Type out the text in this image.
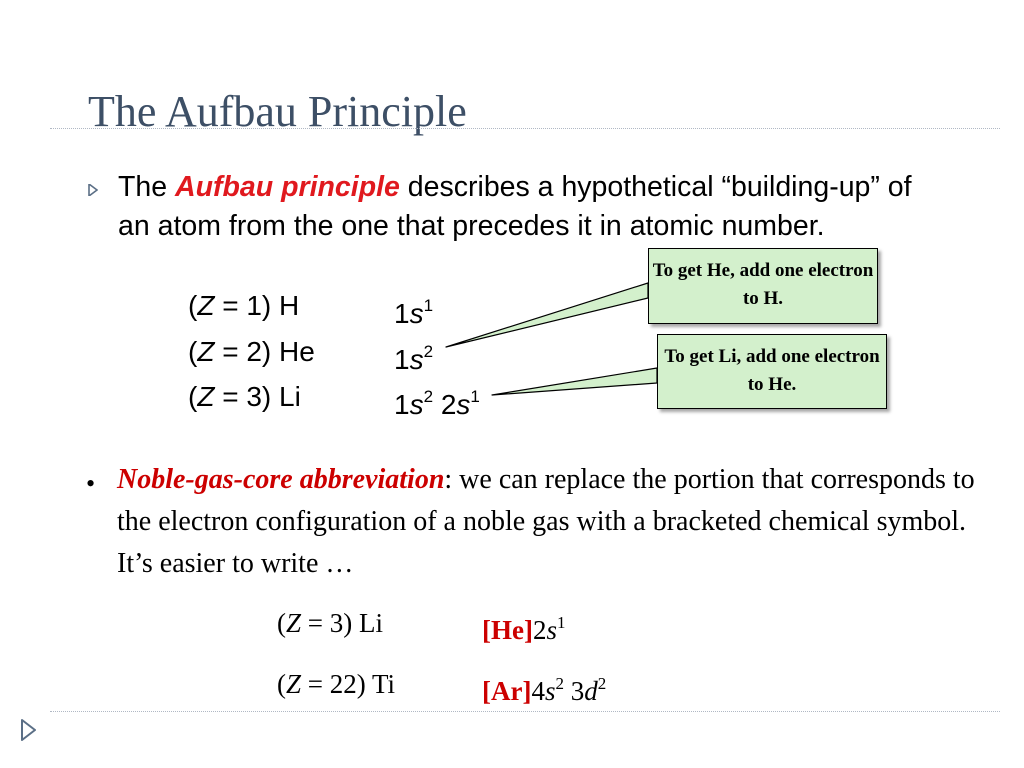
The Aufbau Principle

The Aufbau principle describes a hypothetical “building-up” of an atom from the one that precedes it in atomic number.

(Z = 1) H	$1s^1$
(Z = 2) He	$1s^2$
(Z = 3) Li	$1s^2$ $2s^1$
To get He, add one electron to H.
To get Li, add one electron to He.
• Noble-gas-core abbreviation: we can replace the portion that corresponds to the electron configuration of a noble gas with a bracketed chemical symbol. It’s easier to write …

(Z = 3) Li	$[He]2s^1$
(Z = 22) Ti	$[Ar]4s^2$ $3d^2$
